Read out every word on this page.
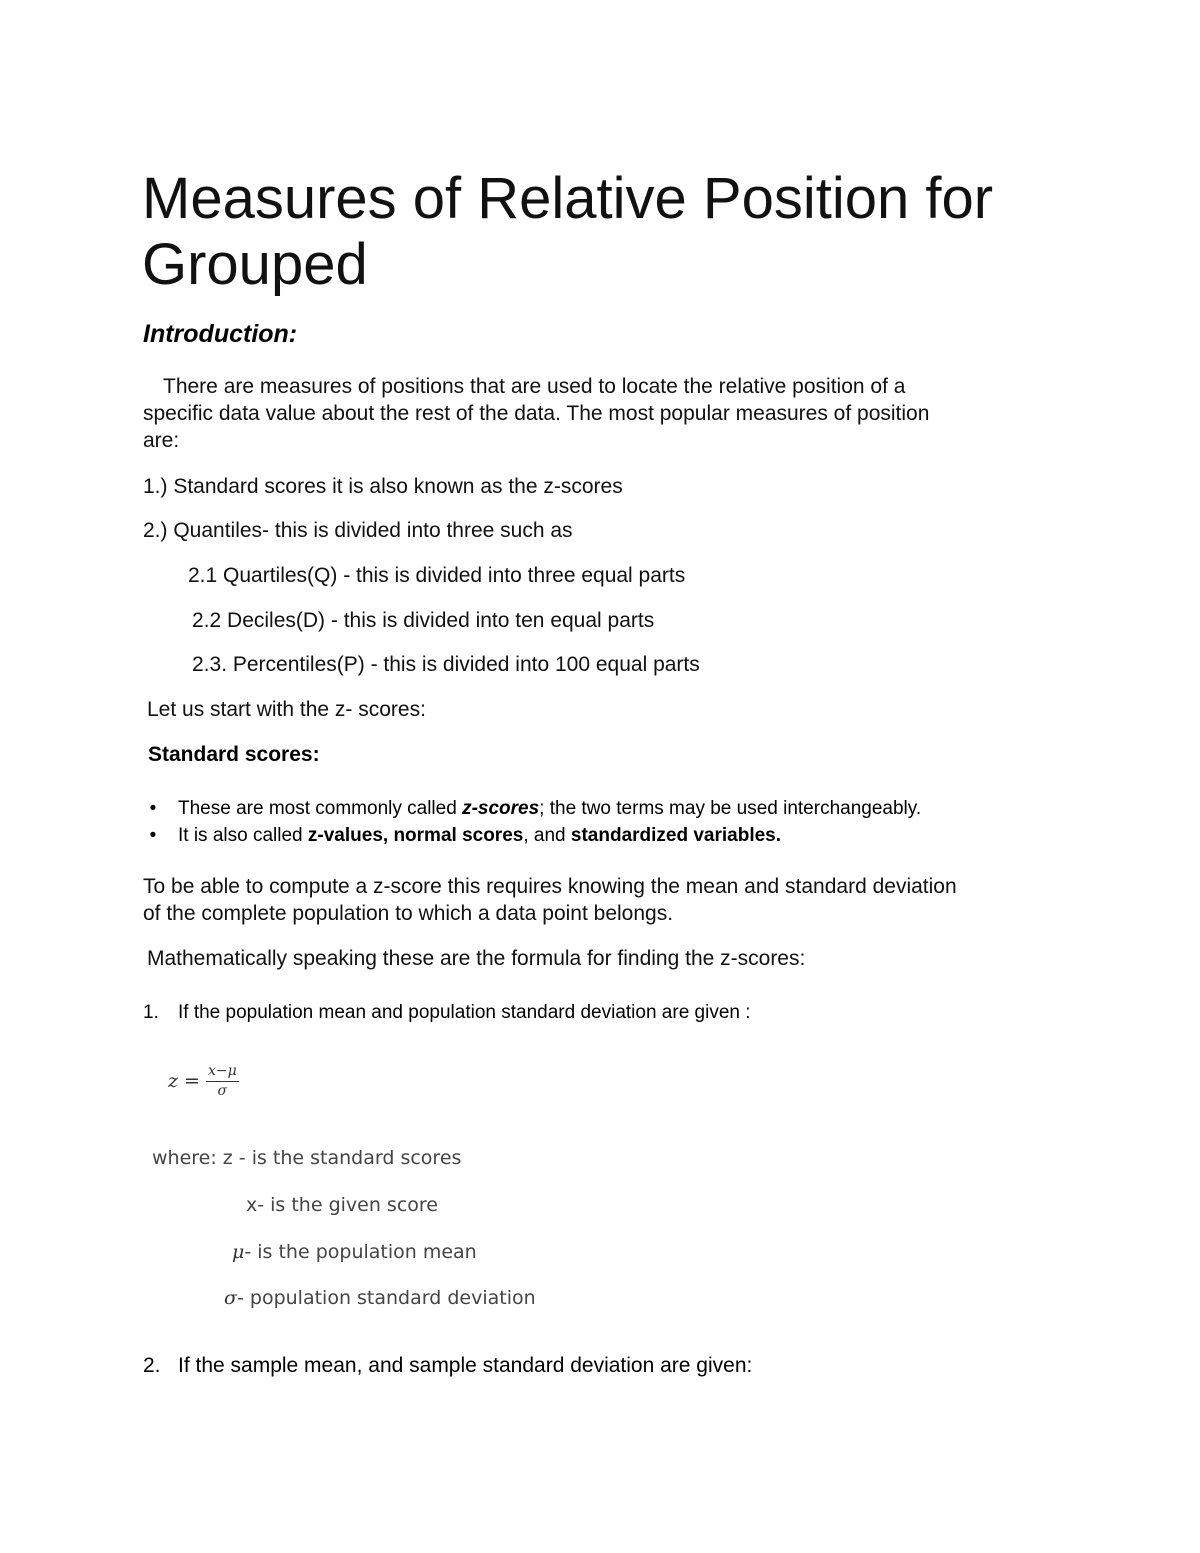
Measures of Relative Position for
Grouped
Introduction:
There are measures of positions that are used to locate the relative position of a
specific data value about the rest of the data. The most popular measures of position
are:
1.) Standard scores it is also known as the z-scores
2.) Quantiles- this is divided into three such as
2.1 Quartiles(Q) - this is divided into three equal parts
2.2 Deciles(D) - this is divided into ten equal parts
2.3. Percentiles(P) - this is divided into 100 equal parts
Let us start with the z- scores:
Standard scores:
•	These are most commonly called z-scores; the two terms may be used interchangeably.
•	It is also called z-values, normal scores, and standardized variables.
To be able to compute a z-score this requires knowing the mean and standard deviation
of the complete population to which a data point belongs.
Mathematically speaking these are the formula for finding the z-scores:
1. If the population mean and population standard deviation are given :
$z = \frac{x-\mu}{\sigma}$
where: z - is the standard scores
x- is the given score
μ- is the population mean
σ- population standard deviation
2. If the sample mean, and sample standard deviation are given:
